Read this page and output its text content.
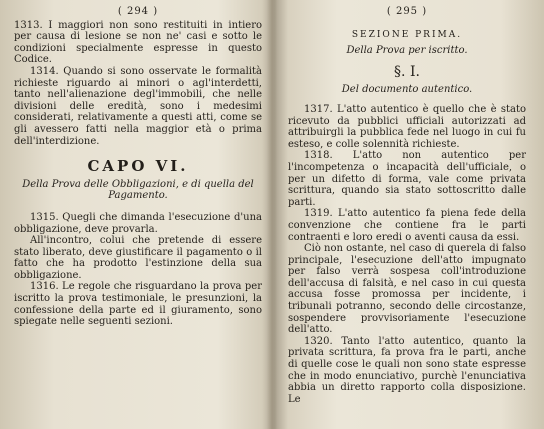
( 294 )

1313. I maggiori non sono restituiti in intiero per causa di lesione se non ne' casi e sotto le condizioni specialmente espresse in questo Codice.

1314. Quando si sono osservate le formalità richieste riguardo ai minori o agl'interdetti, tanto nell'alienazione degl'immobili, che nelle divisioni delle eredità, sono i medesimi considerati, relativamente a questi atti, come se gli avessero fatti nella maggior età o prima dell'interdizione.

CAPO VI.
Della Prova delle Obbligazioni, e di quella del Pagamento.

1315. Quegli che dimanda l'esecuzione d'una obbligazione, deve provarla.

All'incontro, colui che pretende di essere stato liberato, deve giustificare il pagamento o il fatto che ha prodotto l'estinzione della sua obbligazione.

1316. Le regole che risguardano la prova per iscritto la prova testimoniale, le presunzioni, la confessione della parte ed il giuramento, sono spiegate nelle seguenti sezioni.

( 295 )
SEZIONE PRIMA.
Della Prova per iscritto.
§. I.
Del documento autentico.

1317. L'atto autentico è quello che è stato ricevuto da pubblici ufficiali autorizzati ad attribuirgli la pubblica fede nel luogo in cui fu esteso, e colle solennità richieste.

1318. L'atto non autentico per l'incompetenza o incapacità dell'ufficiale, o per un difetto di forma, vale come privata scrittura, quando sia stato sottoscritto dalle parti.

1319. L'atto autentico fa piena fede della convenzione che contiene fra le parti contraenti e loro eredi o aventi causa da essi.

Ciò non ostante, nel caso di querela di falso principale, l'esecuzione dell'atto impugnato per falso verrà sospesa coll'introduzione dell'accusa di falsità, e nel caso in cui questa accusa fosse promossa per incidente, i tribunali potranno, secondo delle circostanze, sospendere provvisoriamente l'esecuzione dell'atto.

1320. Tanto l'atto autentico, quanto la privata scrittura, fa prova fra le parti, anche di quelle cose le quali non sono state espresse che in modo enunciativo, purchè l'enunciativa abbia un diretto rapporto colla disposizione. Le
